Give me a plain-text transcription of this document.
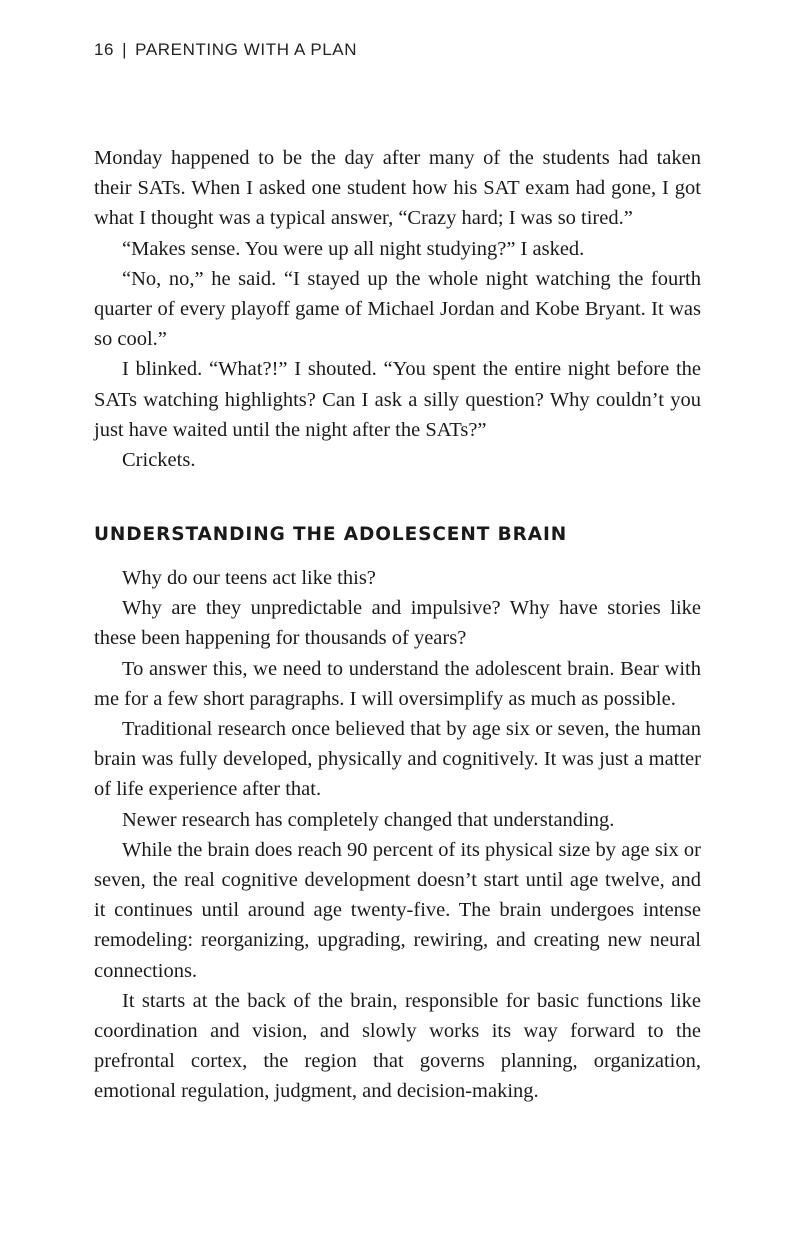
16 | PARENTING WITH A PLAN

Monday happened to be the day after many of the students had taken their SATs. When I asked one student how his SAT exam had gone, I got what I thought was a typical answer, “Crazy hard; I was so tired.”

“Makes sense. You were up all night studying?” I asked.

“No, no,” he said. “I stayed up the whole night watching the fourth quarter of every playoff game of Michael Jordan and Kobe Bryant. It was so cool.”

I blinked. “What?!” I shouted. “You spent the entire night before the SATs watching highlights? Can I ask a silly question? Why couldn’t you just have waited until the night after the SATs?”

Crickets.

UNDERSTANDING THE ADOLESCENT BRAIN

Why do our teens act like this?

Why are they unpredictable and impulsive? Why have stories like these been happening for thousands of years?

To answer this, we need to understand the adolescent brain. Bear with me for a few short paragraphs. I will oversimplify as much as possible.

Traditional research once believed that by age six or seven, the human brain was fully developed, physically and cognitively. It was just a matter of life experience after that.

Newer research has completely changed that understanding.

While the brain does reach 90 percent of its physical size by age six or seven, the real cognitive development doesn’t start until age twelve, and it continues until around age twenty-five. The brain undergoes intense remodeling: reorganizing, upgrading, rewiring, and creating new neural connections.

It starts at the back of the brain, responsible for basic functions like coordination and vision, and slowly works its way forward to the prefrontal cortex, the region that governs planning, organization, emotional regulation, judgment, and decision-making.
